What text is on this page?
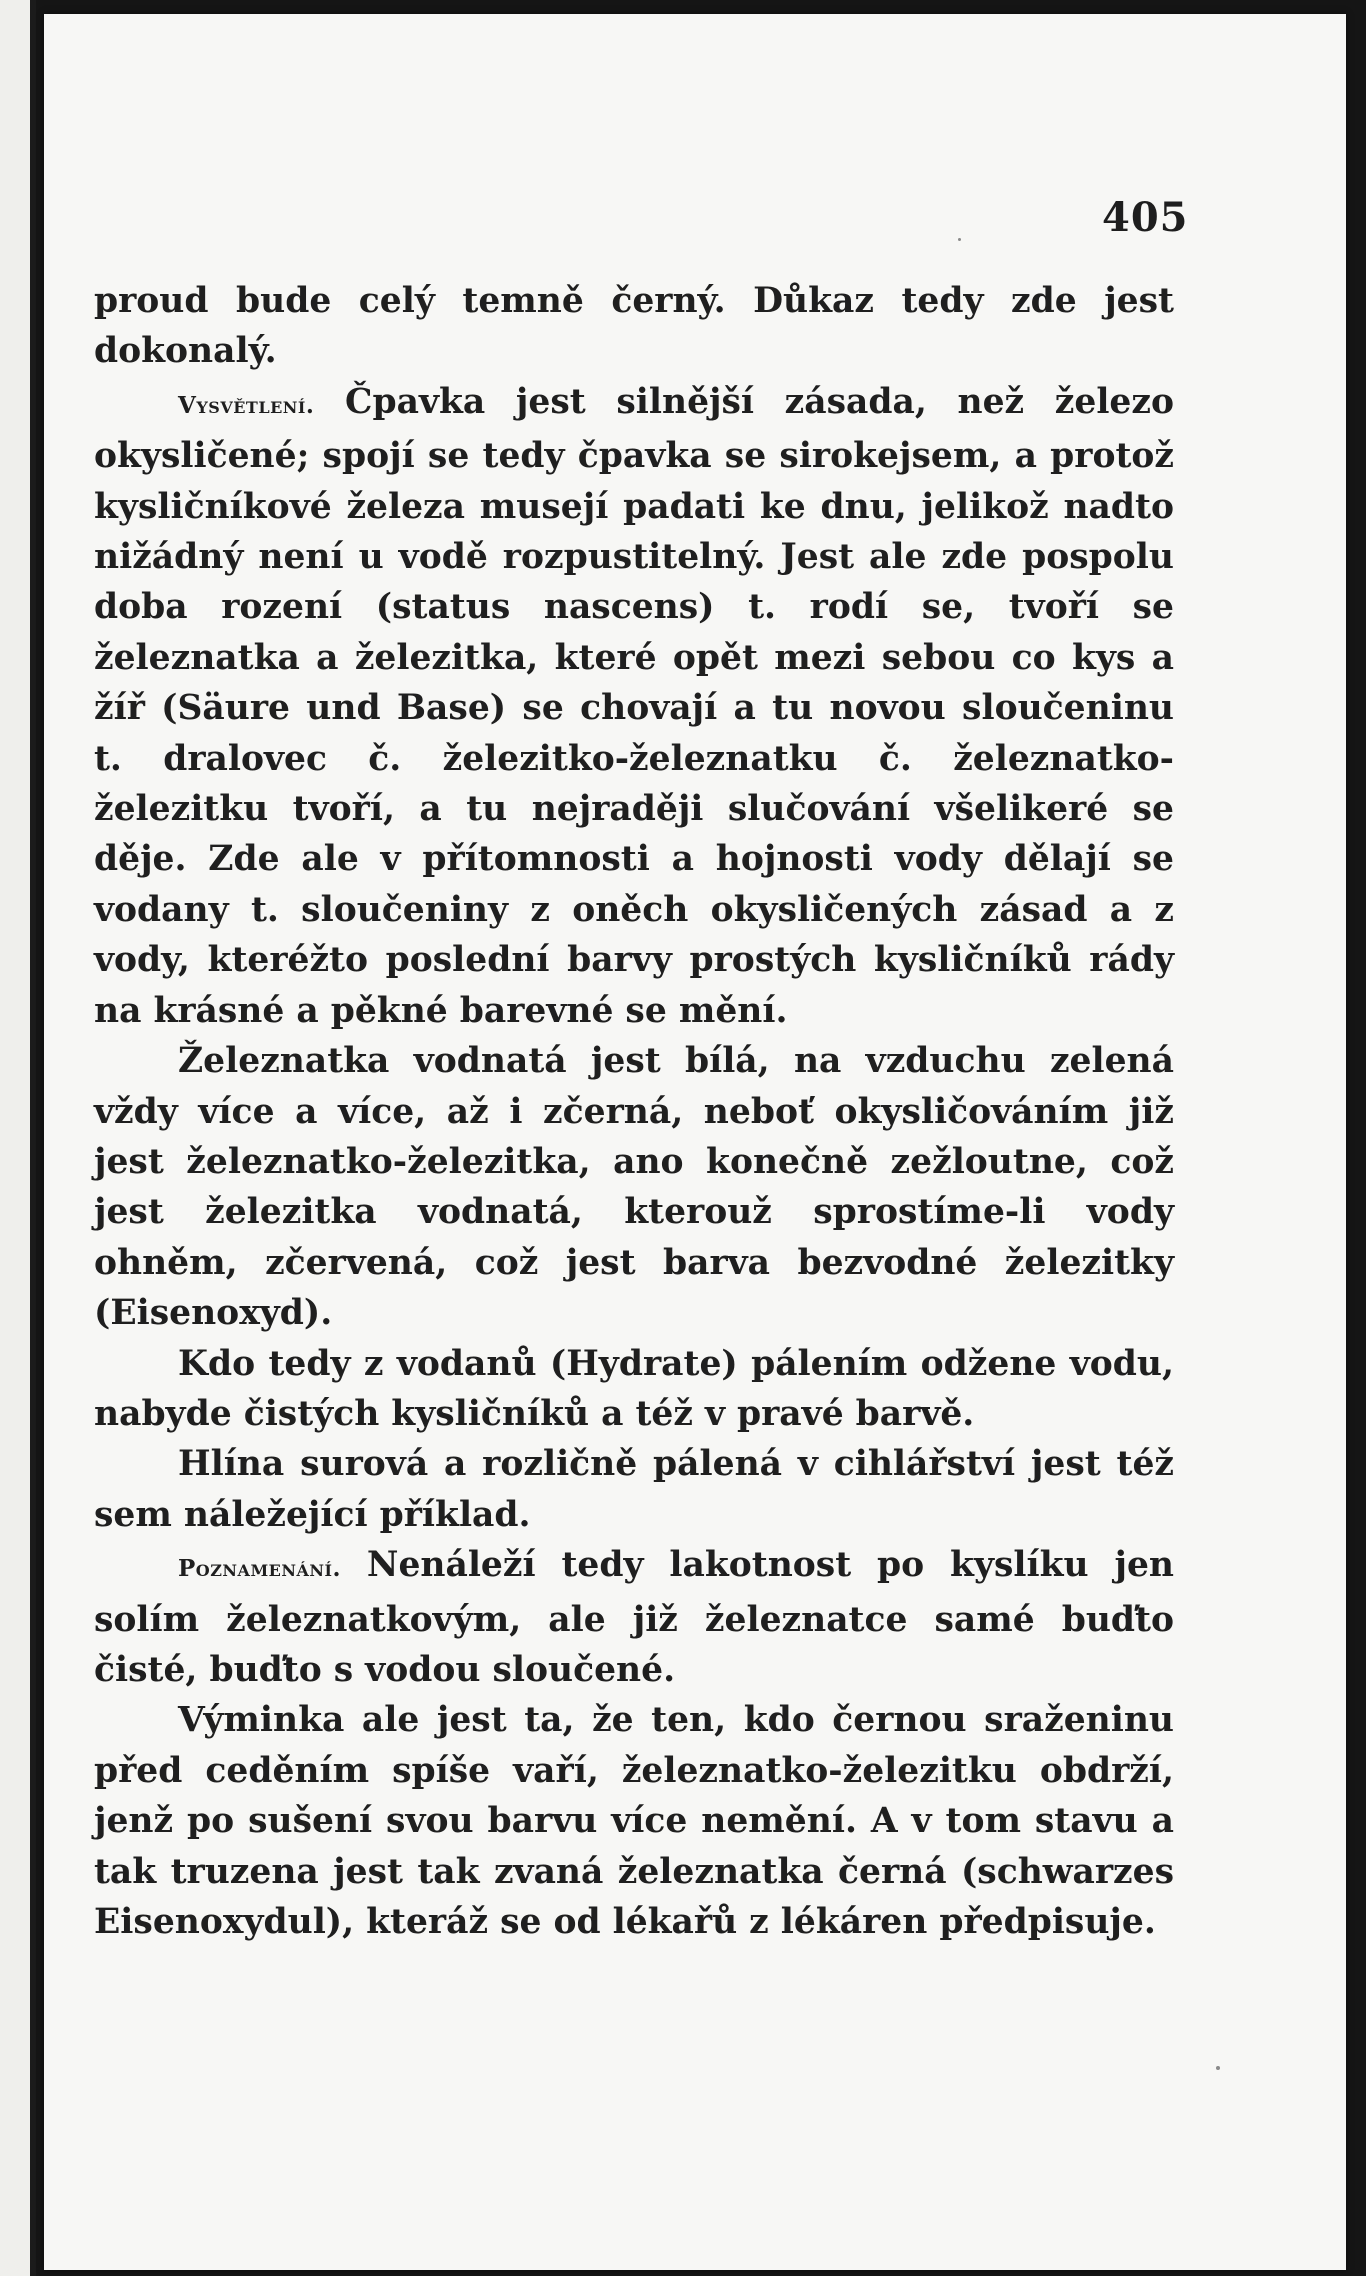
405

proud bude celý temně černý. Důkaz tedy zde jest dokonalý.

Vysvětlení. Čpavka jest silnější zásada, než železo okysličené; spojí se tedy čpavka se sirokejsem, a protož kysličníkové železa musejí padati ke dnu, jelikož nadto nižádný není u vodě rozpustitelný. Jest ale zde pospolu doba rození (status nascens) t. rodí se, tvoří se železnatka a železitka, které opět mezi sebou co kys a žíř (Säure und Base) se chovají a tu novou sloučeninu t. dralovec č. železitko-železnatku č. železnatko-železitku tvoří, a tu nejraději slučování všelikeré se děje. Zde ale v přítomnosti a hojnosti vody dělají se vodany t. sloučeniny z oněch okysličených zásad a z vody, kteréžto poslední barvy prostých kysličníků rády na krásné a pěkné barevné se mění.

Železnatka vodnatá jest bílá, na vzduchu zelená vždy více a více, až i zčerná, neboť okysličováním již jest železnatko-železitka, ano konečně zežloutne, což jest železitka vodnatá, kterouž sprostíme-li vody ohněm, zčervená, což jest barva bezvodné železitky (Eisenoxyd).

Kdo tedy z vodanů (Hydrate) pálením odžene vodu, nabyde čistých kysličníků a též v pravé barvě.

Hlína surová a rozličně pálená v cihlářství jest též sem náležející příklad.

Poznamenání. Nenáleží tedy lakotnost po kyslíku jen solím železnatkovým, ale již železnatce samé buďto čisté, buďto s vodou sloučené.

Výminka ale jest ta, že ten, kdo černou sraženinu před ceděním spíše vaří, železnatko-železitku obdrží, jenž po sušení svou barvu více nemění. A v tom stavu a tak truzena jest tak zvaná železnatka černá (schwarzes Eisenoxydul), kteráž se od lékařů z lékáren předpisuje.
